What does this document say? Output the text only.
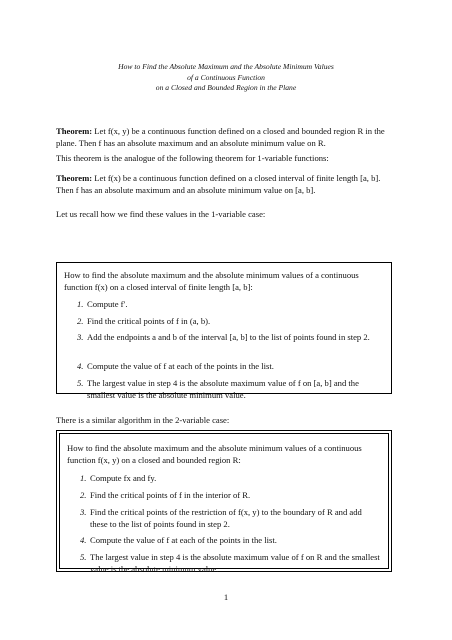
How to Find the Absolute Maximum and the Absolute Minimum Values
of a Continuous Function
on a Closed and Bounded Region in the Plane
Theorem: Let f(x, y) be a continuous function defined on a closed and bounded region R in the plane. Then f has an absolute maximum and an absolute minimum value on R.
This theorem is the analogue of the following theorem for 1-variable functions:
Theorem: Let f(x) be a continuous function defined on a closed interval of finite length [a, b]. Then f has an absolute maximum and an absolute minimum value on [a, b].
Let us recall how we find these values in the 1-variable case:
How to find the absolute maximum and the absolute minimum values of a continuous function f(x) on a closed interval of finite length [a, b]:
1. Compute f′.
2. Find the critical points of f in (a, b).
3. Add the endpoints a and b of the interval [a, b] to the list of points found in step 2.
4. Compute the value of f at each of the points in the list.
5. The largest value in step 4 is the absolute maximum value of f on [a, b] and the smallest value is the absolute minimum value.
There is a similar algorithm in the 2-variable case:
How to find the absolute maximum and the absolute minimum values of a continuous function f(x, y) on a closed and bounded region R:
1. Compute fx and fy.
2. Find the critical points of f in the interior of R.
3. Find the critical points of the restriction of f(x, y) to the boundary of R and add these to the list of points found in step 2.
4. Compute the value of f at each of the points in the list.
5. The largest value in step 4 is the absolute maximum value of f on R and the smallest value is the absolute minimum value.
1
